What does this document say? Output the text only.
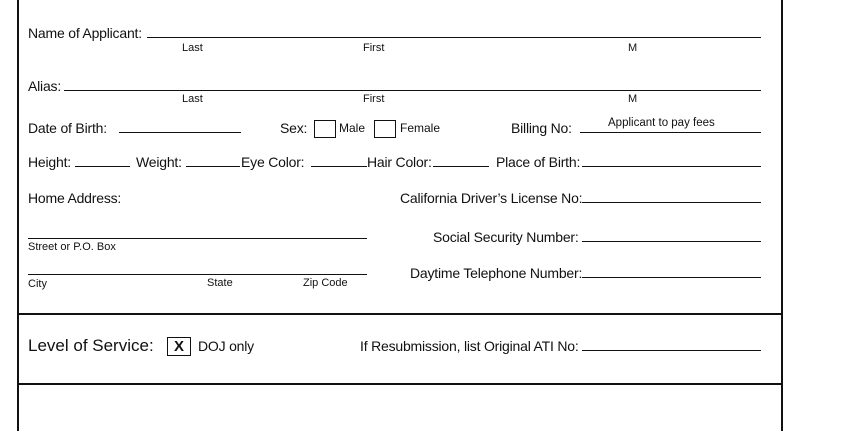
Name of Applicant:
Last	First	M
Alias:
Last	First	M
Date of Birth:	Sex:	Male	Female	Billing No:	Applicant to pay fees
Height:	Weight:	Eye Color:	Hair Color:	Place of Birth:
Home Address:	California Driver’s License No:
Street or P.O. Box
Social Security Number:
City	State	Zip Code
Daytime Telephone Number:
Level of Service:	X	DOJ only	If Resubmission, list Original ATI No:
